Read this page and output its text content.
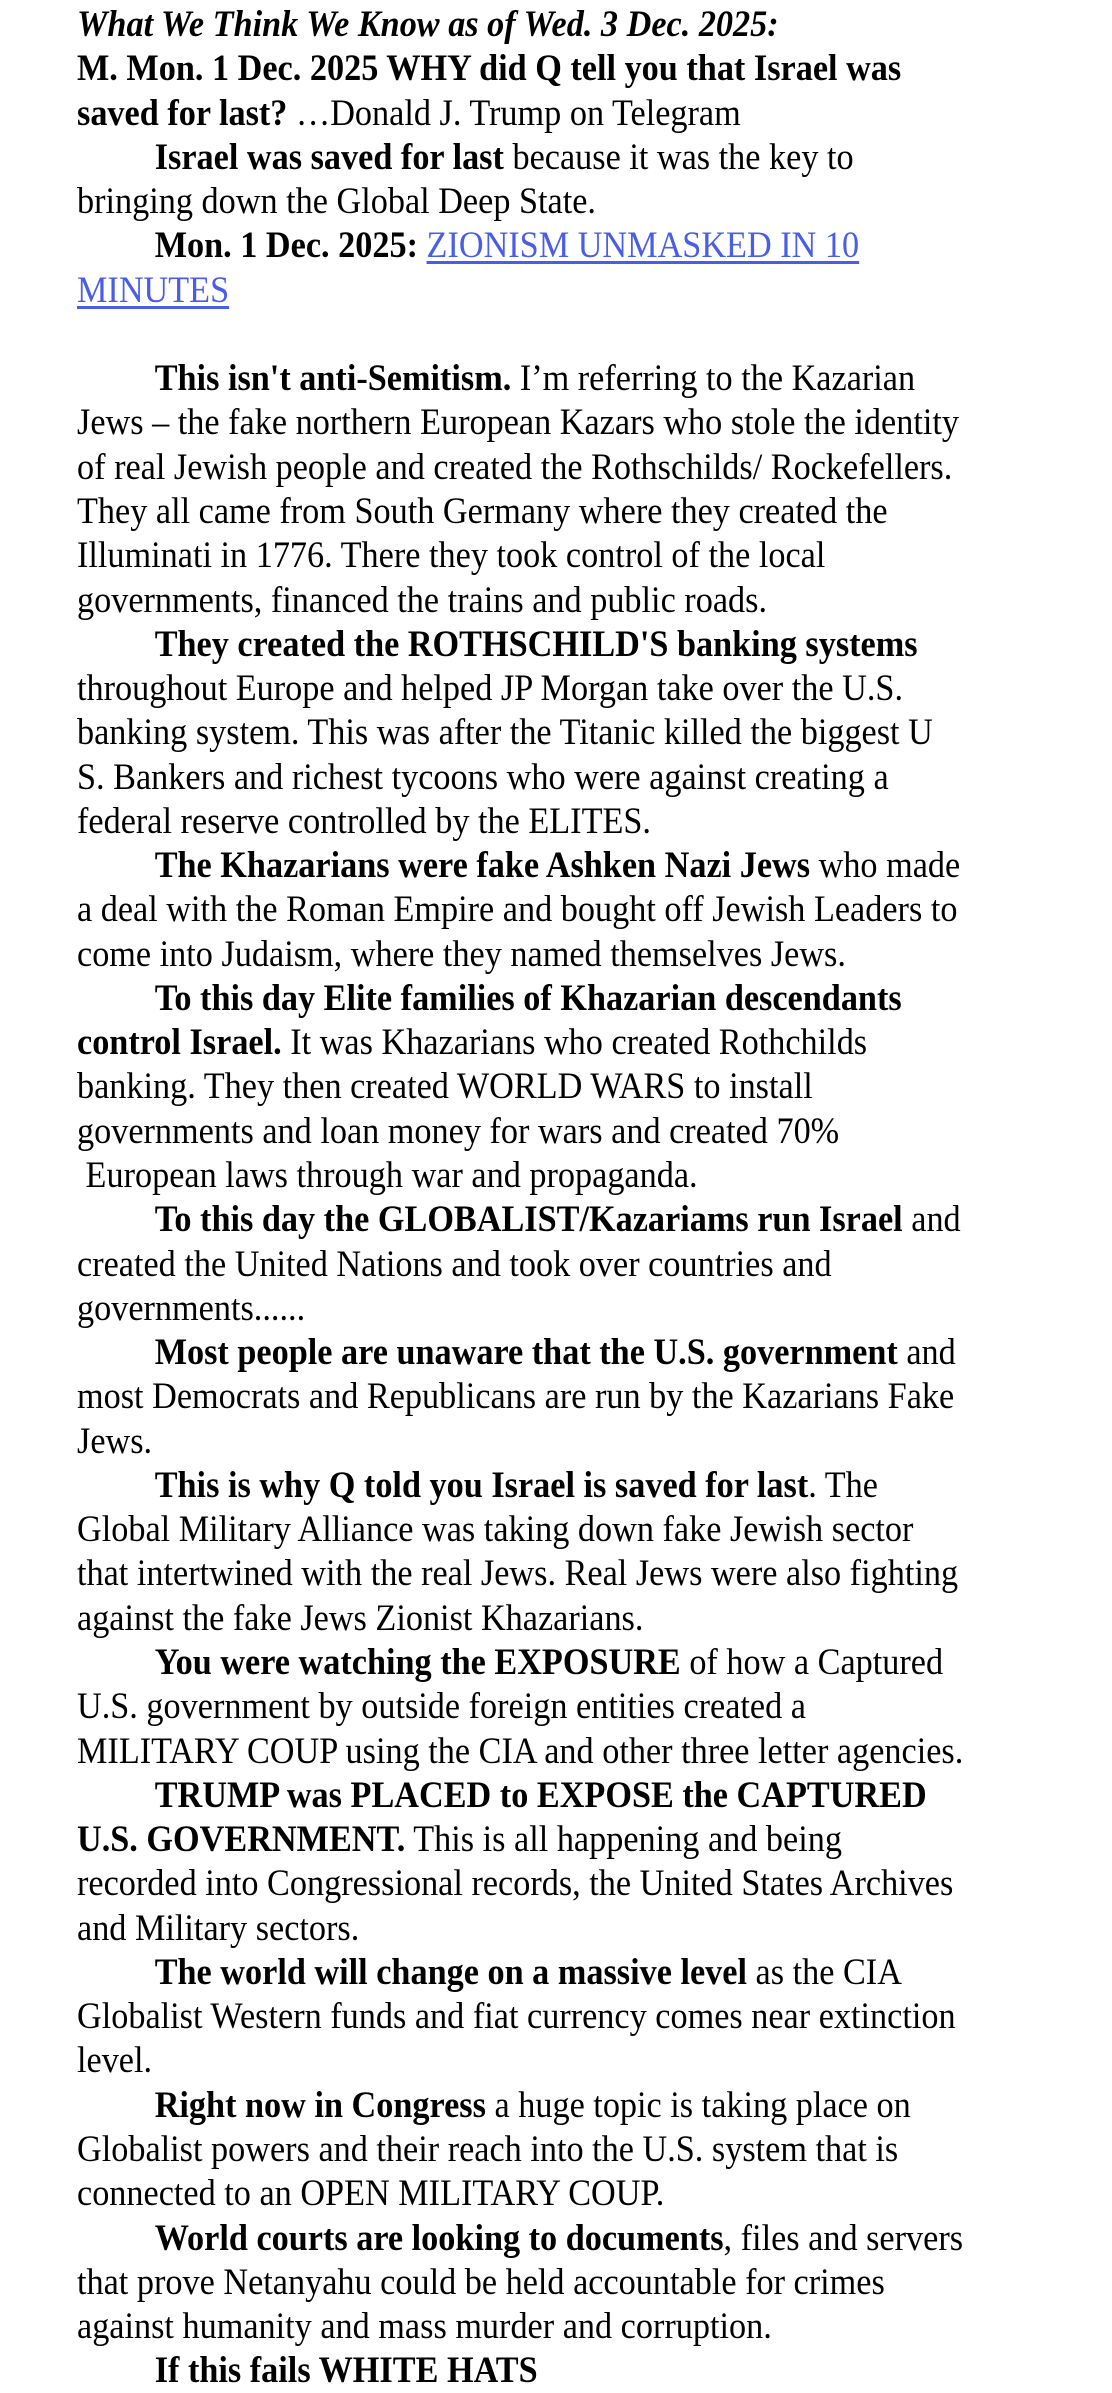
What We Think We Know as of Wed. 3 Dec. 2025:
M. Mon. 1 Dec. 2025 WHY did Q tell you that Israel was
saved for last? …Donald J. Trump on Telegram
Israel was saved for last because it was the key to
bringing down the Global Deep State.
Mon. 1 Dec. 2025: ZIONISM UNMASKED IN 10
MINUTES
This isn't anti-Semitism. I’m referring to the Kazarian
Jews – the fake northern European Kazars who stole the identity
of real Jewish people and created the Rothschilds/ Rockefellers.
They all came from South Germany where they created the
Illuminati in 1776. There they took control of the local
governments, financed the trains and public roads.
They created the ROTHSCHILD'S banking systems
throughout Europe and helped JP Morgan take over the U.S.
banking system. This was after the Titanic killed the biggest U
S. Bankers and richest tycoons who were against creating a
federal reserve controlled by the ELITES.
The Khazarians were fake Ashken Nazi Jews who made
a deal with the Roman Empire and bought off Jewish Leaders to
come into Judaism, where they named themselves Jews.
To this day Elite families of Khazarian descendants
control Israel. It was Khazarians who created Rothchilds
banking. They then created WORLD WARS to install
governments and loan money for wars and created 70%
European laws through war and propaganda.
To this day the GLOBALIST/Kazariams run Israel and
created the United Nations and took over countries and
governments......
Most people are unaware that the U.S. government and
most Democrats and Republicans are run by the Kazarians Fake
Jews.
This is why Q told you Israel is saved for last. The
Global Military Alliance was taking down fake Jewish sector
that intertwined with the real Jews. Real Jews were also fighting
against the fake Jews Zionist Khazarians.
You were watching the EXPOSURE of how a Captured
U.S. government by outside foreign entities created a
MILITARY COUP using the CIA and other three letter agencies.
TRUMP was PLACED to EXPOSE the CAPTURED
U.S. GOVERNMENT. This is all happening and being
recorded into Congressional records, the United States Archives
and Military sectors.
The world will change on a massive level as the CIA
Globalist Western funds and fiat currency comes near extinction
level.
Right now in Congress a huge topic is taking place on
Globalist powers and their reach into the U.S. system that is
connected to an OPEN MILITARY COUP.
World courts are looking to documents, files and servers
that prove Netanyahu could be held accountable for crimes
against humanity and mass murder and corruption.
If this fails WHITE HATS
